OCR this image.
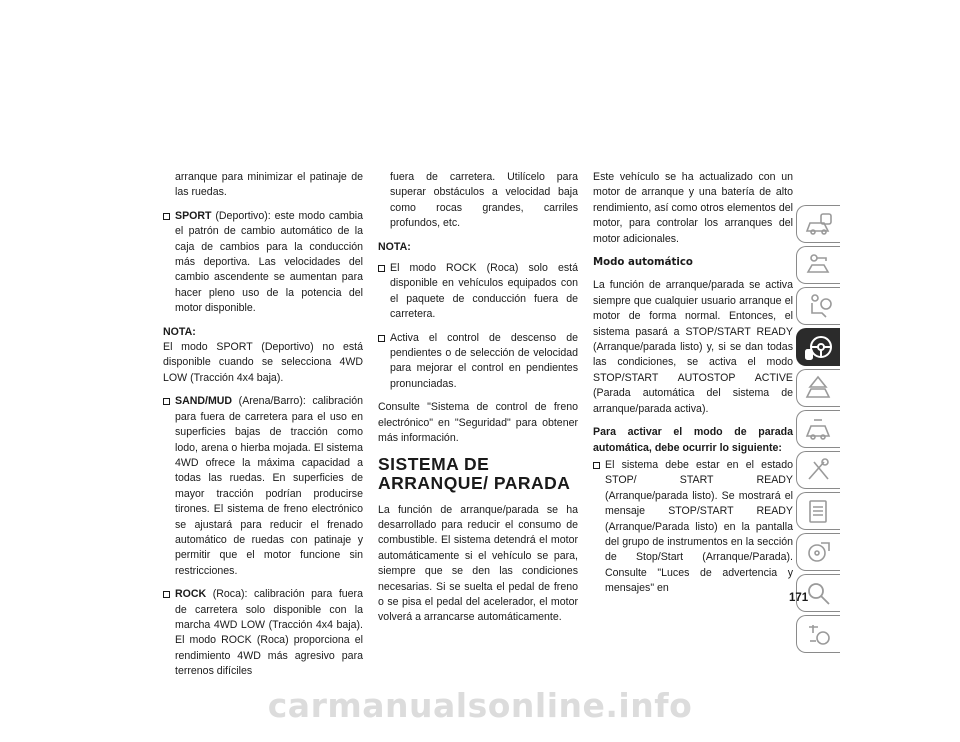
arranque para minimizar el patinaje de las ruedas.

SPORT (Deportivo): este modo cambia el patrón de cambio automático de la caja de cambios para la conducción más deportiva. Las velocidades del cambio ascendente se aumentan para hacer pleno uso de la potencia del motor disponible.

NOTA:

El modo SPORT (Deportivo) no está disponible cuando se selecciona 4WD LOW (Tracción 4x4 baja).

SAND/MUD (Arena/Barro): calibración para fuera de carretera para el uso en superficies bajas de tracción como lodo, arena o hierba mojada. El sistema 4WD ofrece la máxima capacidad a todas las ruedas. En superficies de mayor tracción podrían producirse tirones. El sistema de freno electrónico se ajustará para reducir el frenado automático de ruedas con patinaje y permitir que el motor funcione sin restricciones.
ROCK (Roca): calibración para fuera de carretera solo disponible con la marcha 4WD LOW (Tracción 4x4 baja). El modo ROCK (Roca) proporciona el rendimiento 4WD más agresivo para terrenos difíciles

fuera de carretera. Utilícelo para superar obstáculos a velocidad baja como rocas grandes, carriles profundos, etc.

NOTA:

El modo ROCK (Roca) solo está disponible en vehículos equipados con el paquete de conducción fuera de carretera.
Activa el control de descenso de pendientes o de selección de velocidad para mejorar el control en pendientes pronunciadas.

Consulte "Sistema de control de freno electrónico" en "Seguridad" para obtener más información.

SISTEMA DE ARRANQUE/ PARADA

La función de arranque/parada se ha desarrollado para reducir el consumo de combustible. El sistema detendrá el motor automáticamente si el vehículo se para, siempre que se den las condiciones necesarias. Si se suelta el pedal de freno o se pisa el pedal del acelerador, el motor volverá a arrancarse automáticamente.

Este vehículo se ha actualizado con un motor de arranque y una batería de alto rendimiento, así como otros elementos del motor, para controlar los arranques del motor adicionales.

Modo automático

La función de arranque/parada se activa siempre que cualquier usuario arranque el motor de forma normal. Entonces, el sistema pasará a STOP/START READY (Arranque/parada listo) y, si se dan todas las condiciones, se activa el modo STOP/START AUTOSTOP ACTIVE (Parada automática del sistema de arranque/parada activa).

Para activar el modo de parada automática, debe ocurrir lo siguiente:

El sistema debe estar en el estado STOP/ START READY (Arranque/parada listo). Se mostrará el mensaje STOP/START READY (Arranque/Parada listo) en la pantalla del grupo de instrumentos en la sección de Stop/Start (Arranque/Parada). Consulte "Luces de advertencia y mensajes" en
171
carmanualsonline.info
